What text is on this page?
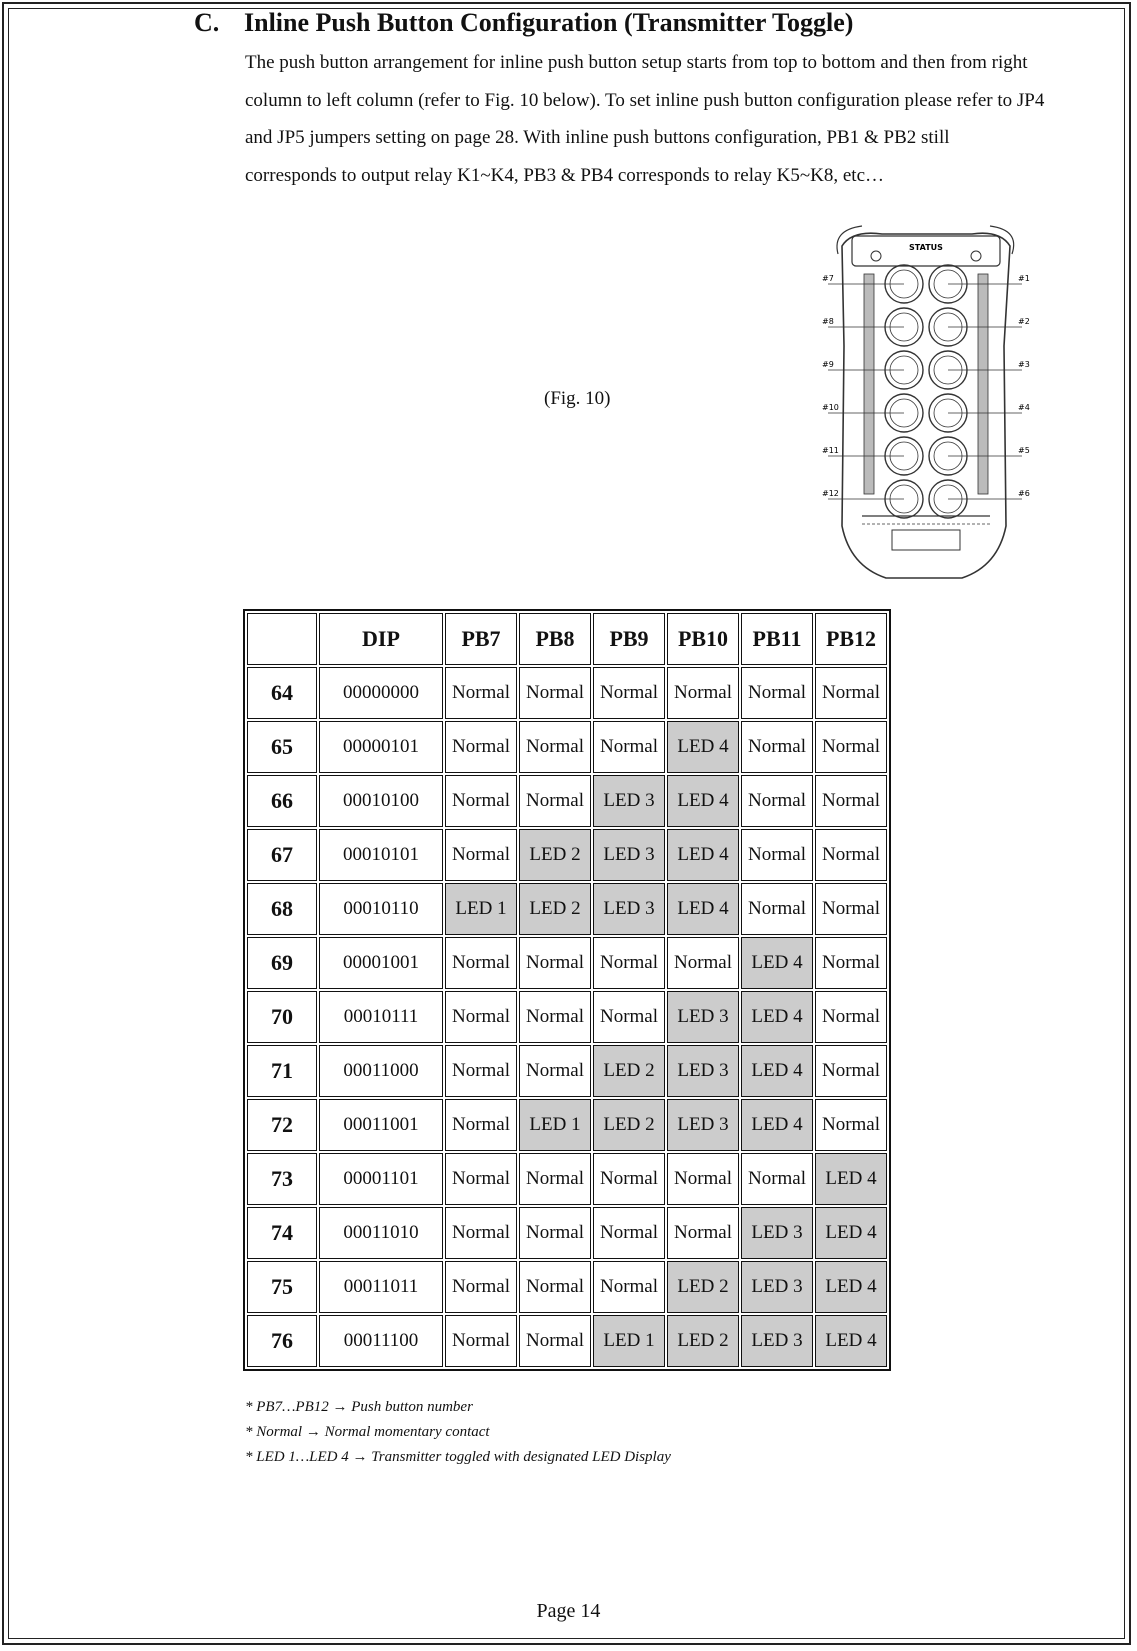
C. Inline Push Button Configuration (Transmitter Toggle)
The push button arrangement for inline push button setup starts from top to bottom and then from right column to left column (refer to Fig. 10 below). To set inline push button configuration please refer to JP4 and JP5 jumpers setting on page 28. With inline push buttons configuration, PB1 & PB2 still corresponds to output relay K1~K4, PB3 & PB4 corresponds to relay K5~K8, etc…
(Fig. 10)
STATUS
#7	#1
#8	#2
#9	#3
#10	#4
#11	#5
#12	#6
	DIP	PB7	PB8	PB9	PB10	PB11	PB12
64	00000000	Normal	Normal	Normal	Normal	Normal	Normal
65	00000101	Normal	Normal	Normal	LED 4	Normal	Normal
66	00010100	Normal	Normal	LED 3	LED 4	Normal	Normal
67	00010101	Normal	LED 2	LED 3	LED 4	Normal	Normal
68	00010110	LED 1	LED 2	LED 3	LED 4	Normal	Normal
69	00001001	Normal	Normal	Normal	Normal	LED 4	Normal
70	00010111	Normal	Normal	Normal	LED 3	LED 4	Normal
71	00011000	Normal	Normal	LED 2	LED 3	LED 4	Normal
72	00011001	Normal	LED 1	LED 2	LED 3	LED 4	Normal
73	00001101	Normal	Normal	Normal	Normal	Normal	LED 4
74	00011010	Normal	Normal	Normal	Normal	LED 3	LED 4
75	00011011	Normal	Normal	Normal	LED 2	LED 3	LED 4
76	00011100	Normal	Normal	LED 1	LED 2	LED 3	LED 4
* PB7…PB12 → Push button number
* Normal → Normal momentary contact
* LED 1…LED 4 → Transmitter toggled with designated LED Display
Page 14
